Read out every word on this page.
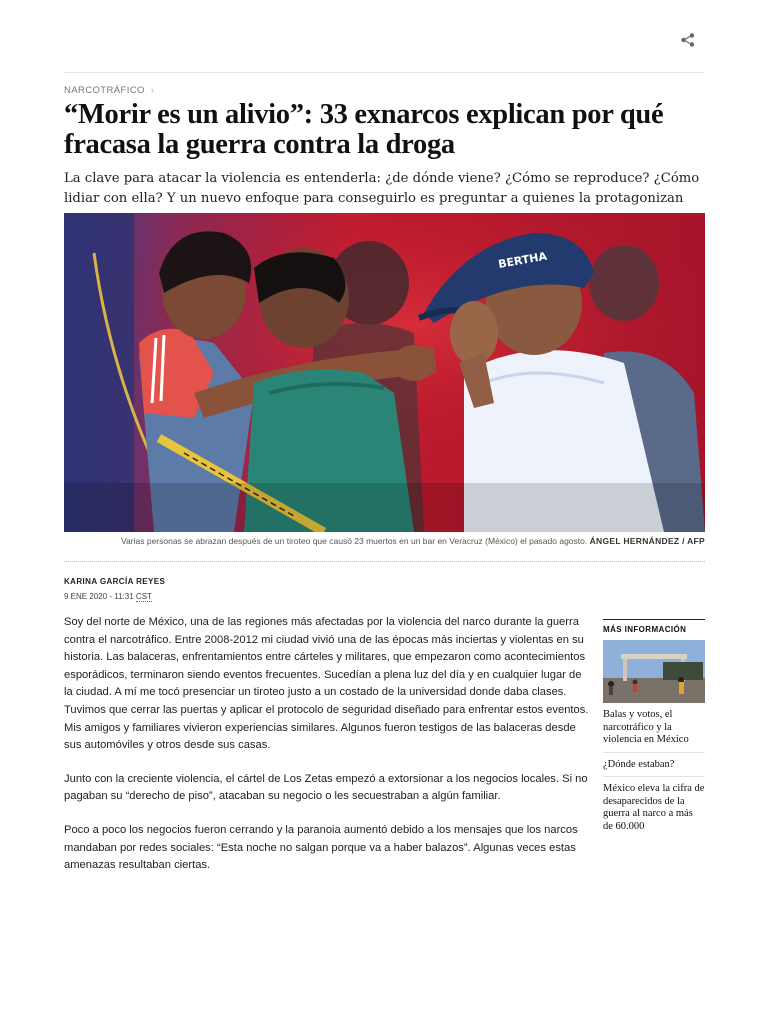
NARCOTRÁFICO ›
“Morir es un alivio”: 33 exnarcos explican por qué fracasa la guerra contra la droga

La clave para atacar la violencia es entenderla: ¿de dónde viene? ¿Cómo se reproduce? ¿Cómo lidiar con ella? Y un nuevo enfoque para conseguirlo es preguntar a quienes la protagonizan

BERTHA
Varias personas se abrazan después de un tiroteo que causó 23 muertos en un bar en Veracruz (México) el pasado agosto. ÁNGEL HERNÁNDEZ / AFP
KARINA GARCÍA REYES
9 ENE 2020 - 11:31 CST

Soy del norte de México, una de las regiones más afectadas por la violencia del narco durante la guerra contra el narcotráfico. Entre 2008-2012 mi ciudad vivió una de las épocas más inciertas y violentas en su historia. Las balaceras, enfrentamientos entre cárteles y militares, que empezaron como acontecimientos esporádicos, terminaron siendo eventos frecuentes. Sucedían a plena luz del día y en cualquier lugar de la ciudad. A mí me tocó presenciar un tiroteo justo a un costado de la universidad donde daba clases. Tuvimos que cerrar las puertas y aplicar el protocolo de seguridad diseñado para enfrentar estos eventos. Mis amigos y familiares vivieron experiencias similares. Algunos fueron testigos de las balaceras desde sus automóviles y otros desde sus casas.

Junto con la creciente violencia, el cártel de Los Zetas empezó a extorsionar a los negocios locales. Si no pagaban su “derecho de piso”, atacaban su negocio o les secuestraban a algún familiar.

Poco a poco los negocios fueron cerrando y la paranoia aumentó debido a los mensajes que los narcos mandaban por redes sociales: “Esta noche no salgan porque va a haber balazos”. Algunas veces estas amenazas resultaban ciertas.

MÁS INFORMACIÓN
Balas y votos, el narcotráfico y la violencia en México
¿Dónde estaban?
México eleva la cifra de desaparecidos de la guerra al narco a más de 60.000
